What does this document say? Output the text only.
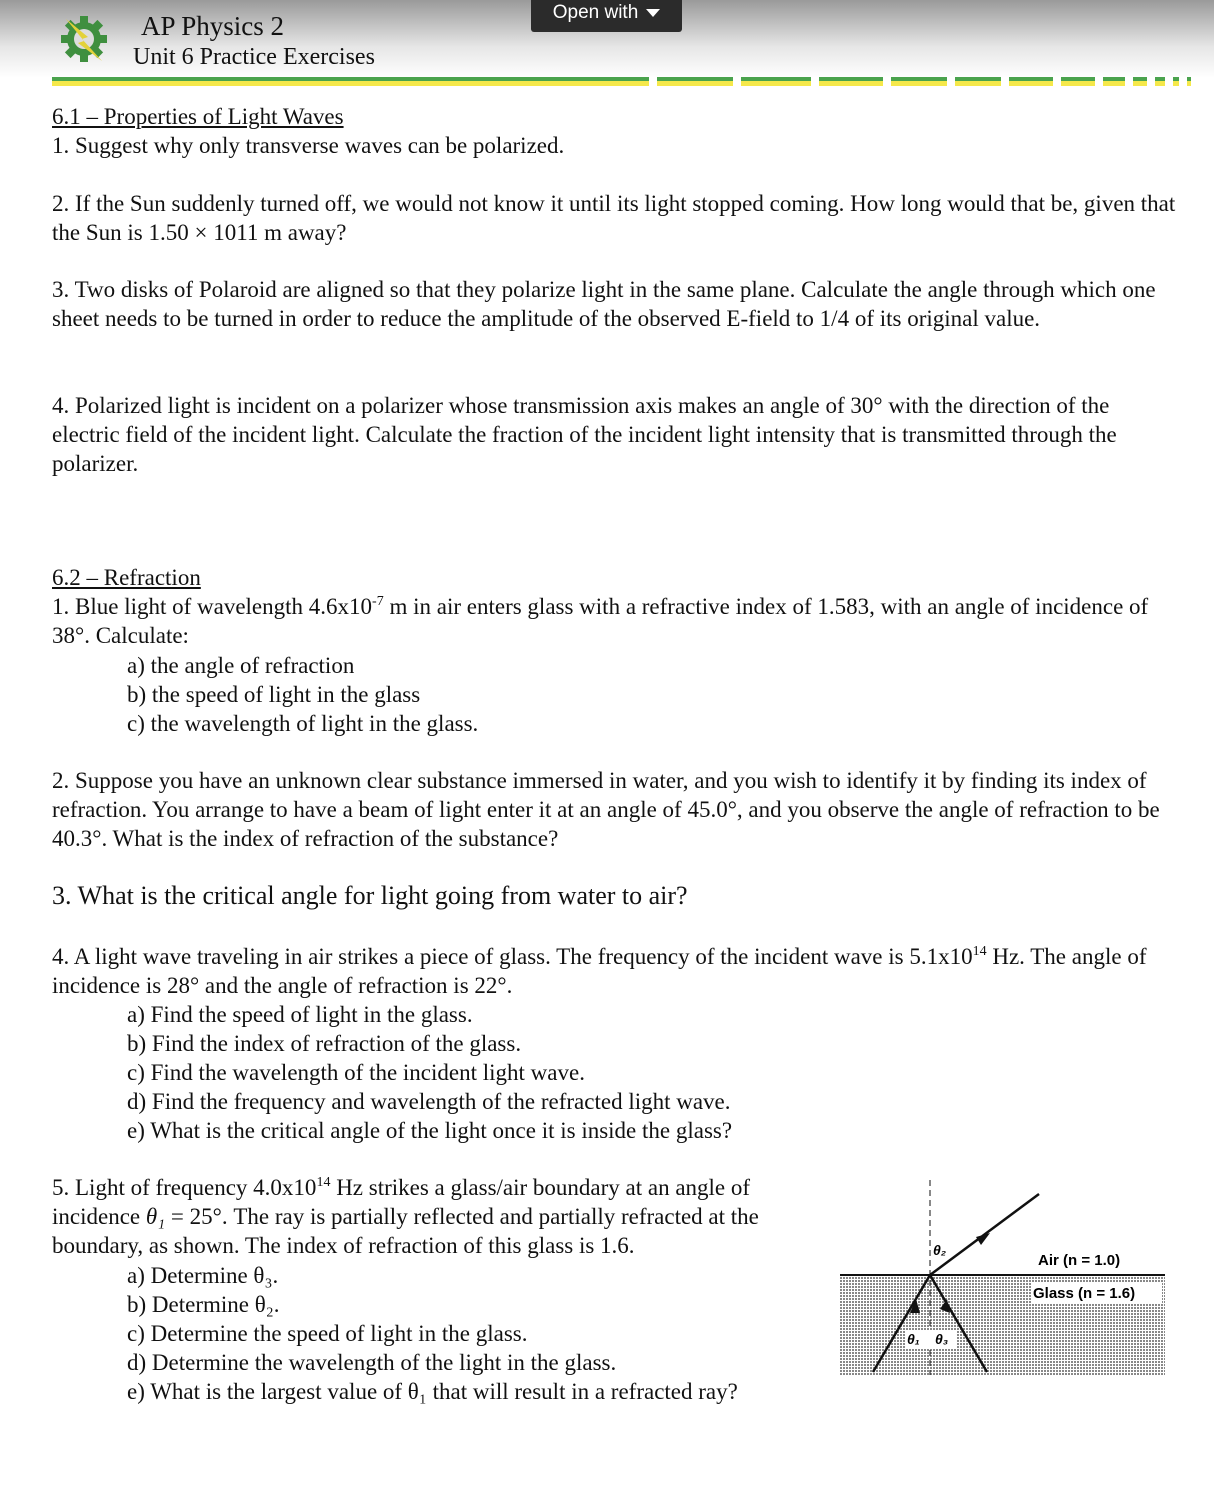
AP Physics 2
Unit 6 Practice Exercises
Open with
6.1 – Properties of Light Waves
1. Suggest why only transverse waves can be polarized.
2. If the Sun suddenly turned off, we would not know it until its light stopped coming. How long would that be, given that the Sun is 1.50 × 1011 m away?
3. Two disks of Polaroid are aligned so that they polarize light in the same plane. Calculate the angle through which one sheet needs to be turned in order to reduce the amplitude of the observed E-field to 1/4 of its original value.
4. Polarized light is incident on a polarizer whose transmission axis makes an angle of 30° with the direction of the electric field of the incident light. Calculate the fraction of the incident light intensity that is transmitted through the polarizer.
6.2 – Refraction
1. Blue light of wavelength $4.6x10^{-7}$ m in air enters glass with a refractive index of 1.583, with an angle of incidence of 38°. Calculate:
a) the angle of refraction
b) the speed of light in the glass
c) the wavelength of light in the glass.
2. Suppose you have an unknown clear substance immersed in water, and you wish to identify it by finding its index of refraction. You arrange to have a beam of light enter it at an angle of 45.0°, and you observe the angle of refraction to be 40.3°. What is the index of refraction of the substance?
3. What is the critical angle for light going from water to air?
4. A light wave traveling in air strikes a piece of glass. The frequency of the incident wave is $5.1x10^{14}$ Hz. The angle of incidence is 28° and the angle of refraction is 22°.
a) Find the speed of light in the glass.
b) Find the index of refraction of the glass.
c) Find the wavelength of the incident light wave.
d) Find the frequency and wavelength of the refracted light wave.
e) What is the critical angle of the light once it is inside the glass?
5. Light of frequency $4.0x10^{14}$ Hz strikes a glass/air boundary at an angle of incidence θ₁ = 25°. The ray is partially reflected and partially refracted at the boundary, as shown. The index of refraction of this glass is 1.6.
a) Determine θ₃.
b) Determine θ₂.
c) Determine the speed of light in the glass.
d) Determine the wavelength of the light in the glass.
e) What is the largest value of θ₁ that will result in a refracted ray?
θ₂
θ₁ θ₃
Air (n = 1.0)
Glass (n = 1.6)
